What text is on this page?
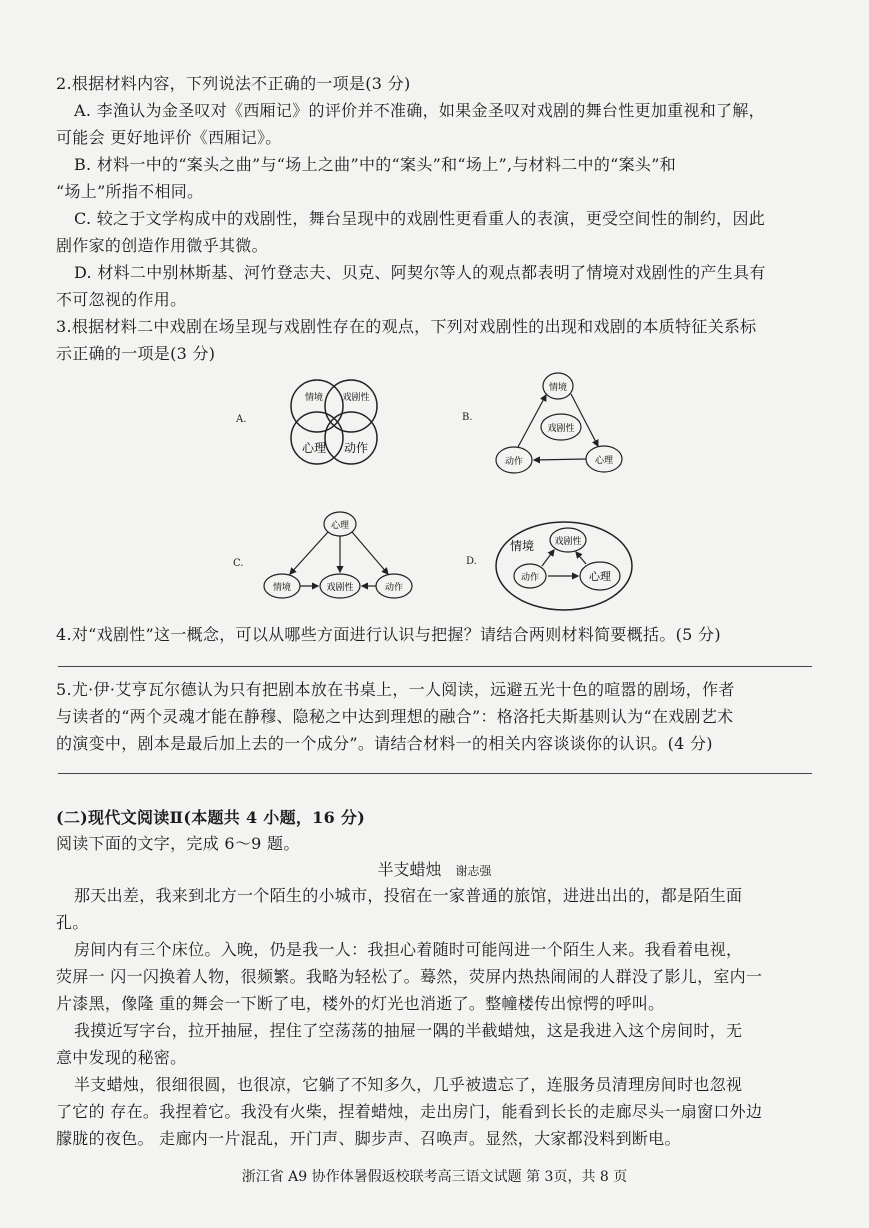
2.根据材料内容，下列说法不正确的一项是(3 分)
A. 李渔认为金圣叹对《西厢记》的评价并不准确，如果金圣叹对戏剧的舞台性更加重视和了解，
可能会 更好地评价《西厢记》。
B. 材料一中的“案头之曲”与“场上之曲”中的“案头”和“场上”,与材料二中的“案头”和
“场上”所指不相同。
C. 较之于文学构成中的戏剧性，舞台呈现中的戏剧性更看重人的表演，更受空间性的制约，因此
剧作家的创造作用微乎其微。
D. 材料二中别林斯基、河竹登志夫、贝克、阿契尔等人的观点都表明了情境对戏剧性的产生具有
不可忽视的作用。
3.根据材料二中戏剧在场呈现与戏剧性存在的观点，下列对戏剧性的出现和戏剧的本质特征关系标
示正确的一项是(3 分)
A.
情境 戏剧性
心理 动作
B.
情境
戏剧性
动作	心理
C.
心理
情境	戏剧性	动作
D.
情境 戏剧性
动作	心理
4.对“戏剧性”这一概念，可以从哪些方面进行认识与把握？请结合两则材料简要概括。(5 分)
5.尤·伊·艾亨瓦尔德认为只有把剧本放在书桌上，一人阅读，远避五光十色的喧嚣的剧场，作者
与读者的“两个灵魂才能在静穆、隐秘之中达到理想的融合”：格洛托夫斯基则认为“在戏剧艺术
的演变中，剧本是最后加上去的一个成分”。请结合材料一的相关内容谈谈你的认识。(4 分)
(二)现代文阅读Ⅱ(本题共 4 小题，16 分)
阅读下面的文字，完成 6～9 题。
半支蜡烛 谢志强
那天出差，我来到北方一个陌生的小城市，投宿在一家普通的旅馆，进进出出的，都是陌生面
孔。
房间内有三个床位。入晚，仍是我一人：我担心着随时可能闯进一个陌生人来。我看着电视，
荧屏一 闪一闪换着人物，很频繁。我略为轻松了。蓦然，荧屏内热热闹闹的人群没了影儿，室内一
片漆黑，像隆 重的舞会一下断了电，楼外的灯光也消逝了。整幢楼传出惊愕的呼叫。
我摸近写字台，拉开抽屉，捏住了空荡荡的抽屉一隅的半截蜡烛，这是我进入这个房间时，无
意中发现的秘密。
半支蜡烛，很细很圆，也很凉，它躺了不知多久，几乎被遗忘了，连服务员清理房间时也忽视
了它的 存在。我捏着它。我没有火柴，捏着蜡烛，走出房门，能看到长长的走廊尽头一扇窗口外边
朦胧的夜色。 走廊内一片混乱，开门声、脚步声、召唤声。显然，大家都没料到断电。
浙江省 A9 协作体暑假返校联考高三语文试题 第 3页，共 8 页
